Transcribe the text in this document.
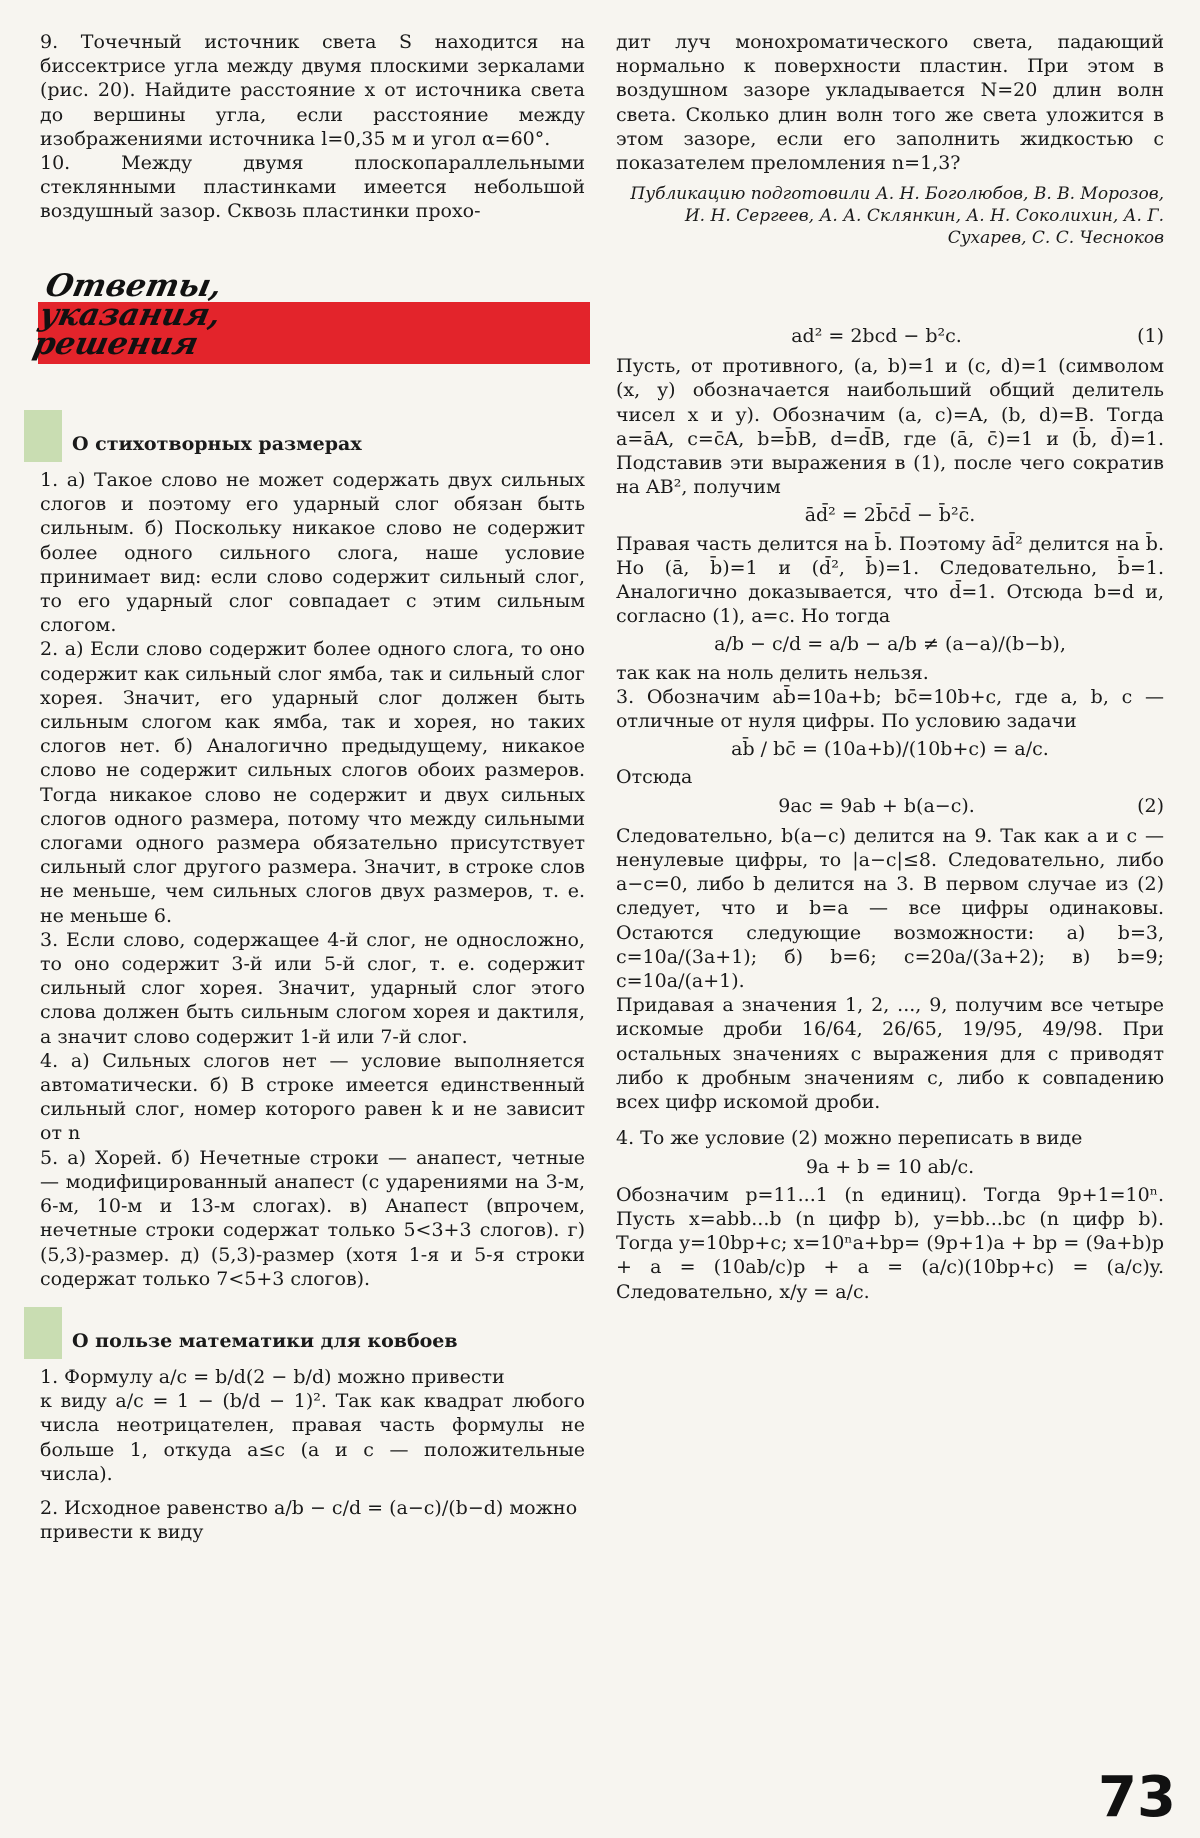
9. Точечный источник света S находится на биссектрисе угла между двумя плоскими зеркалами (рис. 20). Найдите расстояние x от источника света до вершины угла, если расстояние между изображениями источника l=0,35 м и угол α=60°.

10. Между двумя плоскопараллельными стеклянными пластинками имеется небольшой воздушный зазор. Сквозь пластинки прохо-

дит луч монохроматического света, падающий нормально к поверхности пластин. При этом в воздушном зазоре укладывается N=20 длин волн света. Сколько длин волн того же света уложится в этом зазоре, если его заполнить жидкостью с показателем преломления n=1,3?

Публикацию подготовили А. Н. Боголюбов, В. В. Морозов, И. Н. Сергеев, А. А. Склянкин, А. Н. Соколихин, А. Г. Сухарев, С. С. Чесноков

Ответы,
указания,
решения
О стихотворных размерах

1. а) Такое слово не может содержать двух сильных слогов и поэтому его ударный слог обязан быть сильным. б) Поскольку никакое слово не содержит более одного сильного слога, наше условие принимает вид: если слово содержит сильный слог, то его ударный слог совпадает с этим сильным слогом.

2. а) Если слово содержит более одного слога, то оно содержит как сильный слог ямба, так и сильный слог хорея. Значит, его ударный слог должен быть сильным слогом как ямба, так и хорея, но таких слогов нет. б) Аналогично предыдущему, никакое слово не содержит сильных слогов обоих размеров. Тогда никакое слово не содержит и двух сильных слогов одного размера, потому что между сильными слогами одного размера обязательно присутствует сильный слог другого размера. Значит, в строке слов не меньше, чем сильных слогов двух размеров, т. е. не меньше 6.

3. Если слово, содержащее 4-й слог, не односложно, то оно содержит 3-й или 5-й слог, т. е. содержит сильный слог хорея. Значит, ударный слог этого слова должен быть сильным слогом хорея и дактиля, а значит слово содержит 1-й или 7-й слог.

4. а) Сильных слогов нет — условие выполняется автоматически. б) В строке имеется единственный сильный слог, номер которого равен k и не зависит от n

5. а) Хорей. б) Нечетные строки — анапест, четные — модифицированный анапест (с ударениями на 3-м, 6-м, 10-м и 13-м слогах). в) Анапест (впрочем, нечетные строки содержат только 5<3+3 слогов). г) (5,3)-размер. д) (5,3)-размер (хотя 1-я и 5-я строки содержат только 7<5+3 слогов).

О пользе математики для ковбоев

1. Формулу a/c = b/d(2 − b/d) можно привести

к виду a/c = 1 − (b/d − 1)². Так как квадрат любого числа неотрицателен, правая часть формулы не больше 1, откуда a≤c (a и c — положительные числа).

2. Исходное равенство a/b − c/d = (a−c)/(b−d) можно

привести к виду

ad² = 2bcd − b²c.	(1)

Пусть, от противного, (a, b)=1 и (c, d)=1 (символом (x, y) обозначается наибольший общий делитель чисел x и y). Обозначим (a, c)=A, (b, d)=B. Тогда a=āA, c=c̄A, b=b̄B, d=d̄B, где (ā, c̄)=1 и (b̄, d̄)=1. Подставив эти выражения в (1), после чего сократив на AB², получим

ād̄² = 2b̄c̄d̄ − b̄²c̄.

Правая часть делится на b̄. Поэтому ād̄² делится на b̄. Но (ā, b̄)=1 и (d̄², b̄)=1. Следовательно, b̄=1. Аналогично доказывается, что d̄=1. Отсюда b=d и, согласно (1), a=c. Но тогда

a/b − c/d = a/b − a/b ≠ (a−a)/(b−b),

так как на ноль делить нельзя.

3. Обозначим ab̄=10a+b; bc̄=10b+c, где a, b, c — отличные от нуля цифры. По условию задачи

ab̄ / bc̄ = (10a+b)/(10b+c) = a/c.

Отсюда

9ac = 9ab + b(a−c).	(2)

Следовательно, b(a−c) делится на 9. Так как a и c — ненулевые цифры, то |a−c|≤8. Следовательно, либо a−c=0, либо b делится на 3. В первом случае из (2) следует, что и b=a — все цифры одинаковы. Остаются следующие возможности: а) b=3, c=10a/(3a+1); б) b=6; c=20a/(3a+2); в) b=9; c=10a/(a+1).

Придавая a значения 1, 2, ..., 9, получим все четыре искомые дроби 16/64, 26/65, 19/95, 49/98. При остальных значениях c выражения для c приводят либо к дробным значениям c, либо к совпадению всех цифр искомой дроби.

4. То же условие (2) можно переписать в виде

9a + b = 10 ab/c.

Обозначим p=11...1 (n единиц). Тогда 9p+1=10ⁿ. Пусть x=abb...b (n цифр b), y=bb...bc (n цифр b). Тогда y=10bp+c; x=10ⁿa+bp= (9p+1)a + bp = (9a+b)p + a = (10ab/c)p + a = (a/c)(10bp+c) = (a/c)y. Следовательно, x/y = a/c.

73
